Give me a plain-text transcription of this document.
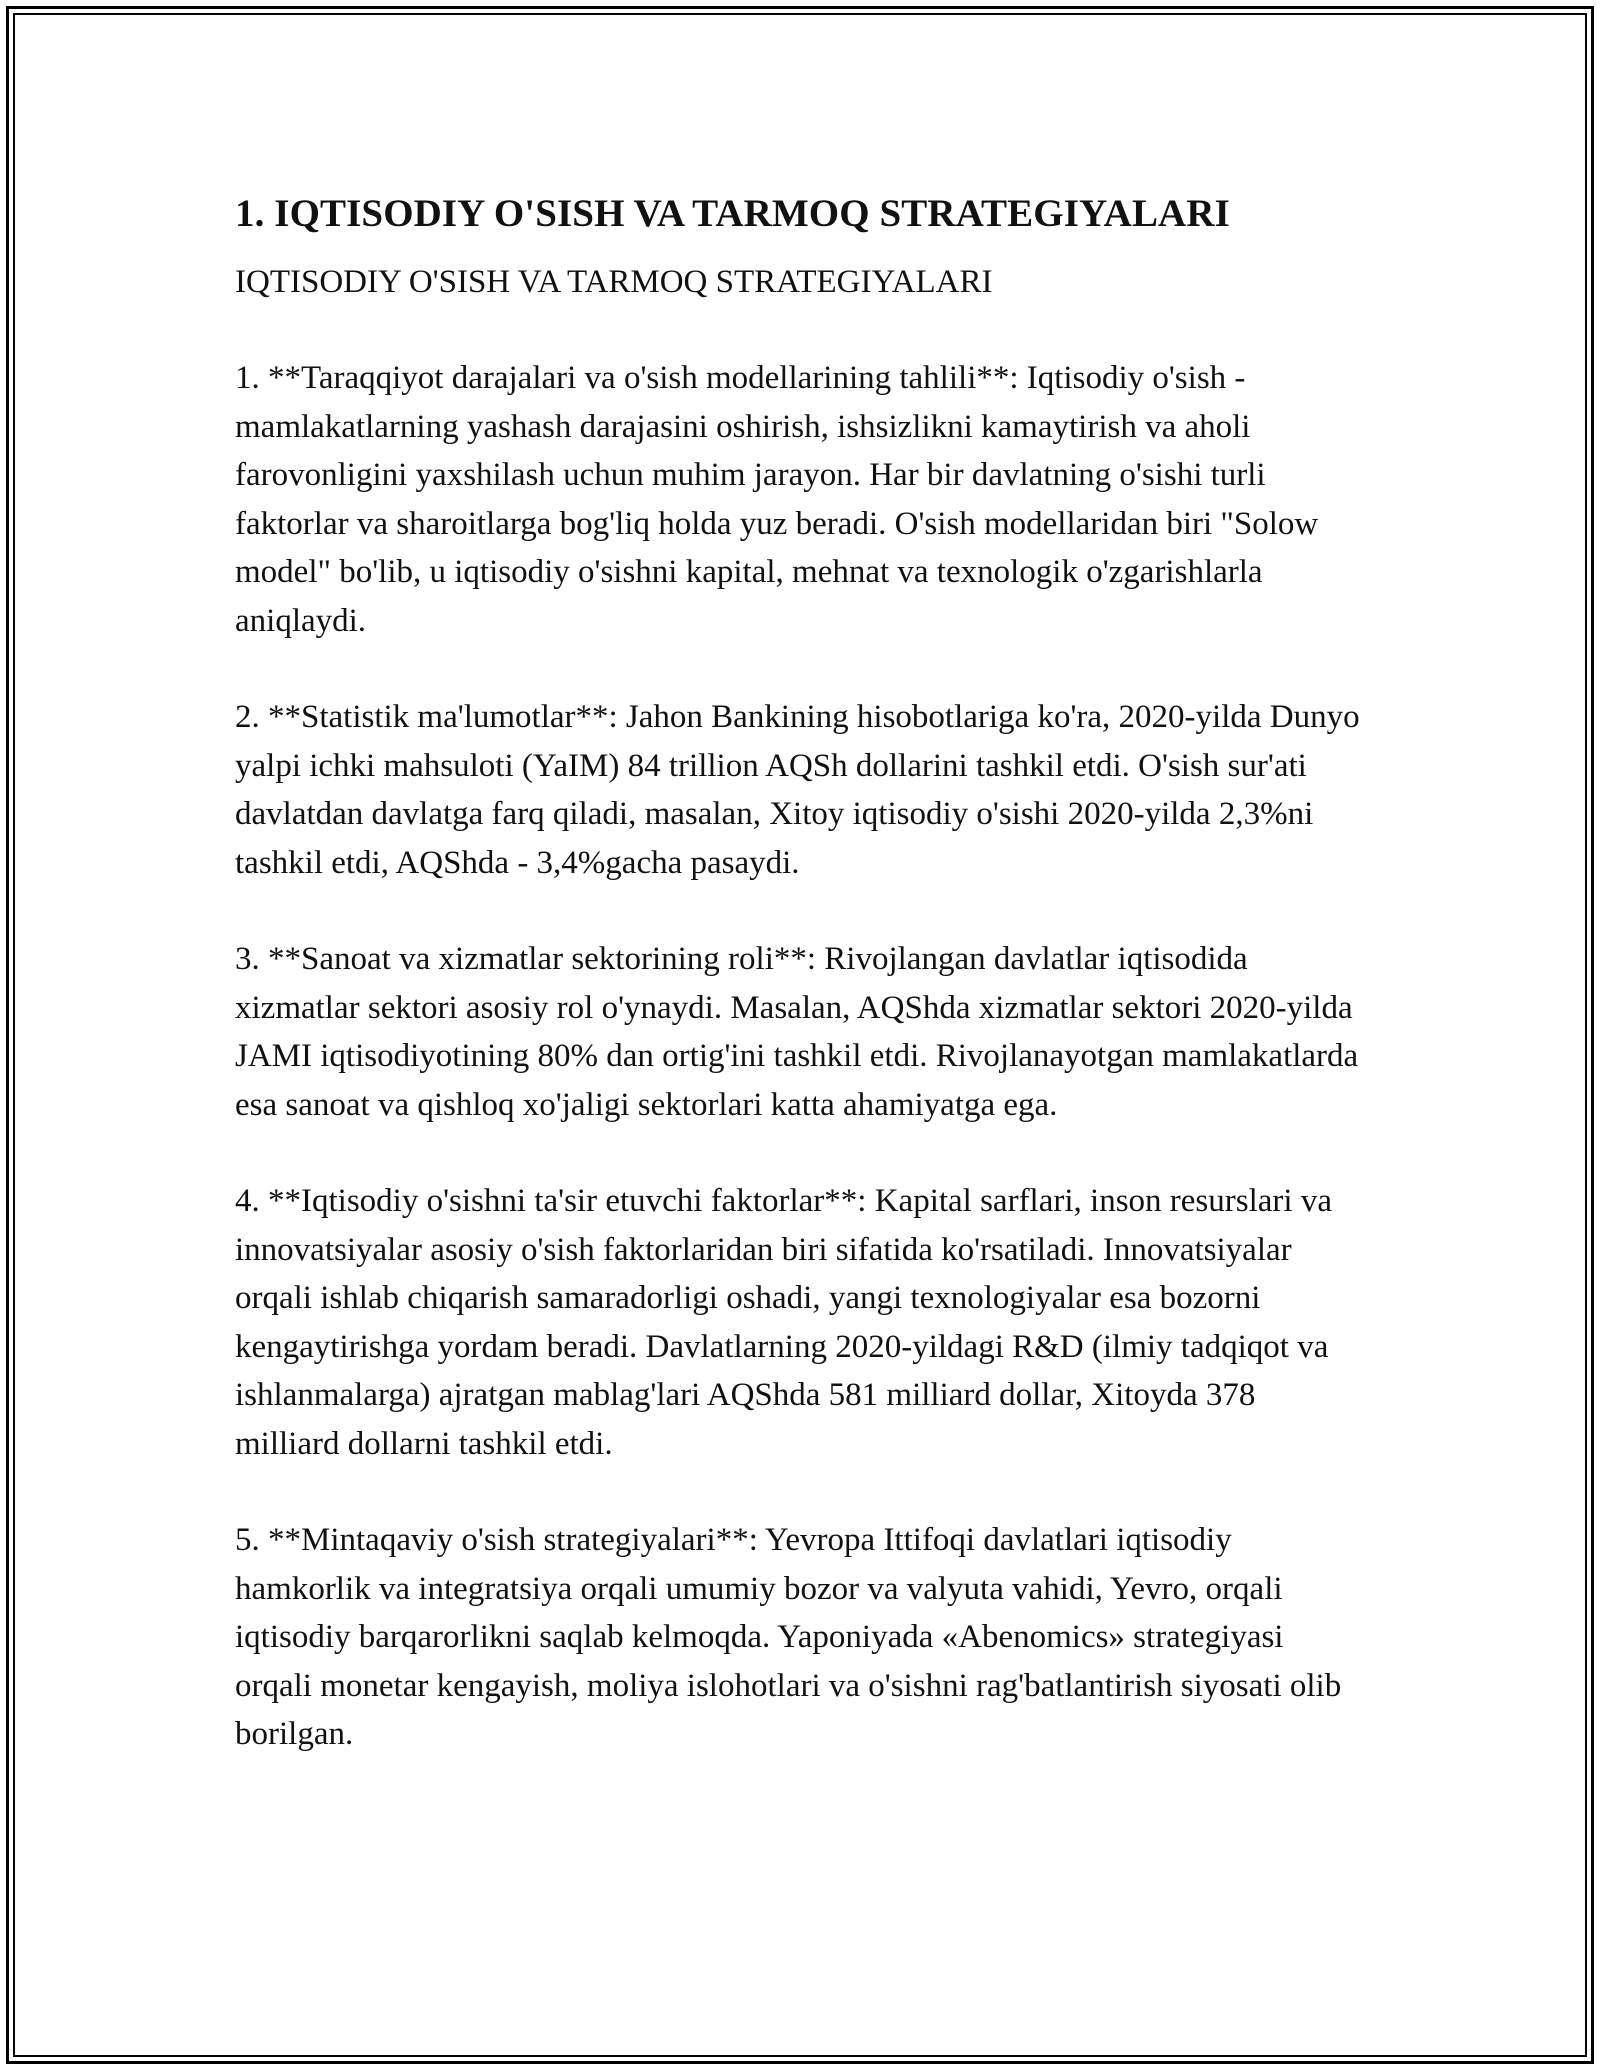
1. IQTISODIY O'SISH VA TARMOQ STRATEGIYALARI

IQTISODIY O'SISH VA TARMOQ STRATEGIYALARI

1. **Taraqqiyot darajalari va o'sish modellarining tahlili**: Iqtisodiy o'sish - mamlakatlarning yashash darajasini oshirish, ishsizlikni kamaytirish va aholi farovonligini yaxshilash uchun muhim jarayon. Har bir davlatning o'sishi turli faktorlar va sharoitlarga bog'liq holda yuz beradi. O'sish modellaridan biri "Solow model" bo'lib, u iqtisodiy o'sishni kapital, mehnat va texnologik o'zgarishlarla aniqlaydi.

2. **Statistik ma'lumotlar**: Jahon Bankining hisobotlariga ko'ra, 2020-yilda Dunyo yalpi ichki mahsuloti (YaIM) 84 trillion AQSh dollarini tashkil etdi. O'sish sur'ati davlatdan davlatga farq qiladi, masalan, Xitoy iqtisodiy o'sishi 2020-yilda 2,3%ni tashkil etdi, AQShda - 3,4%gacha pasaydi.

3. **Sanoat va xizmatlar sektorining roli**: Rivojlangan davlatlar iqtisodida xizmatlar sektori asosiy rol o'ynaydi. Masalan, AQShda xizmatlar sektori 2020-yilda JAMI iqtisodiyotining 80% dan ortig'ini tashkil etdi. Rivojlanayotgan mamlakatlarda esa sanoat va qishloq xo'jaligi sektorlari katta ahamiyatga ega.

4. **Iqtisodiy o'sishni ta'sir etuvchi faktorlar**: Kapital sarflari, inson resurslari va innovatsiyalar asosiy o'sish faktorlaridan biri sifatida ko'rsatiladi. Innovatsiyalar orqali ishlab chiqarish samaradorligi oshadi, yangi texnologiyalar esa bozorni kengaytirishga yordam beradi. Davlatlarning 2020-yildagi R&D (ilmiy tadqiqot va ishlanmalarga) ajratgan mablag'lari AQShda 581 milliard dollar, Xitoyda 378 milliard dollarni tashkil etdi.

5. **Mintaqaviy o'sish strategiyalari**: Yevropa Ittifoqi davlatlari iqtisodiy hamkorlik va integratsiya orqali umumiy bozor va valyuta vahidi, Yevro, orqali iqtisodiy barqarorlikni saqlab kelmoqda. Yaponiyada «Abenomics» strategiyasi orqali monetar kengayish, moliya islohotlari va o'sishni rag'batlantirish siyosati olib borilgan.
